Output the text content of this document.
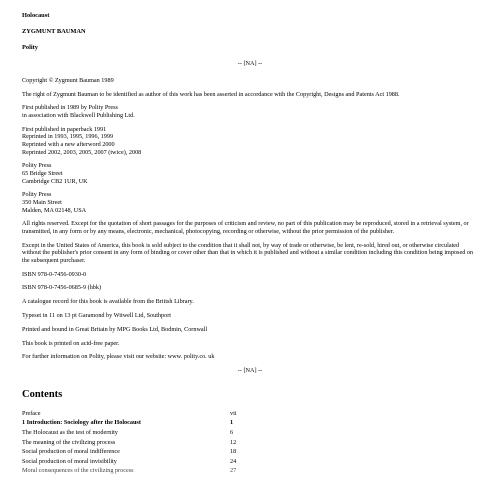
Holocaust
ZYGMUNT BAUMAN
Polity
-- [NA] --

Copyright © Zygmunt Bauman 1989

The right of Zygmunt Bauman to be identified as author of this work has been asserted in accordance with the Copyright, Designs and Patents Act 1988.

First published in 1989 by Polity Press
in association with Blackwell Publishing Ltd.

First published in paperback 1991
Reprinted in 1993, 1995, 1996, 1999
Reprinted with a new afterword 2000
Reprinted 2002, 2003, 2005, 2007 (twice), 2008

Polity Press
65 Bridge Street
Cambridge CB2 1UR, UK

Polity Press
350 Main Street
Malden, MA 02148, USA

All rights reserved. Except for the quotation of short passages for the purposes of criticism and review, no part of this publication may be reproduced, stored in a retrieval system, or transmitted, in any form or by any means, electronic, mechanical, photocopying, recording or otherwise, without the prior permission of the publisher.

Except in the United States of America, this book is sold subject to the condition that it shall not, by way of trade or otherwise, be lent, re-sold, hired out, or otherwise circulated without the publisher's prior consent in any form of binding or cover other than that in which it is published and without a similar condition including this condition being imposed on the subsequent purchaser.

ISBN 978-0-7456-0930-0

ISBN 978-0-7456-0685-9 (hbk)

A catalogue record for this book is available from the British Library.

Typeset in 11 on 13 pt Garamond by Witwell Ltd, Southport

Printed and bound in Great Britain by MPG Books Ltd, Bodmin, Cornwall

This book is printed on acid-free paper.

For further information on Polity, please visit our website: www. polity.co. uk

-- [NA] --
Contents
Preface	vii
1 Introduction: Sociology after the Holocaust	1
The Holocaust as the test of modernity	6
The meaning of the civilizing process	12
Social production of moral indifference	18
Social production of moral invisibility	24
Moral consequences of the civilizing process	27
